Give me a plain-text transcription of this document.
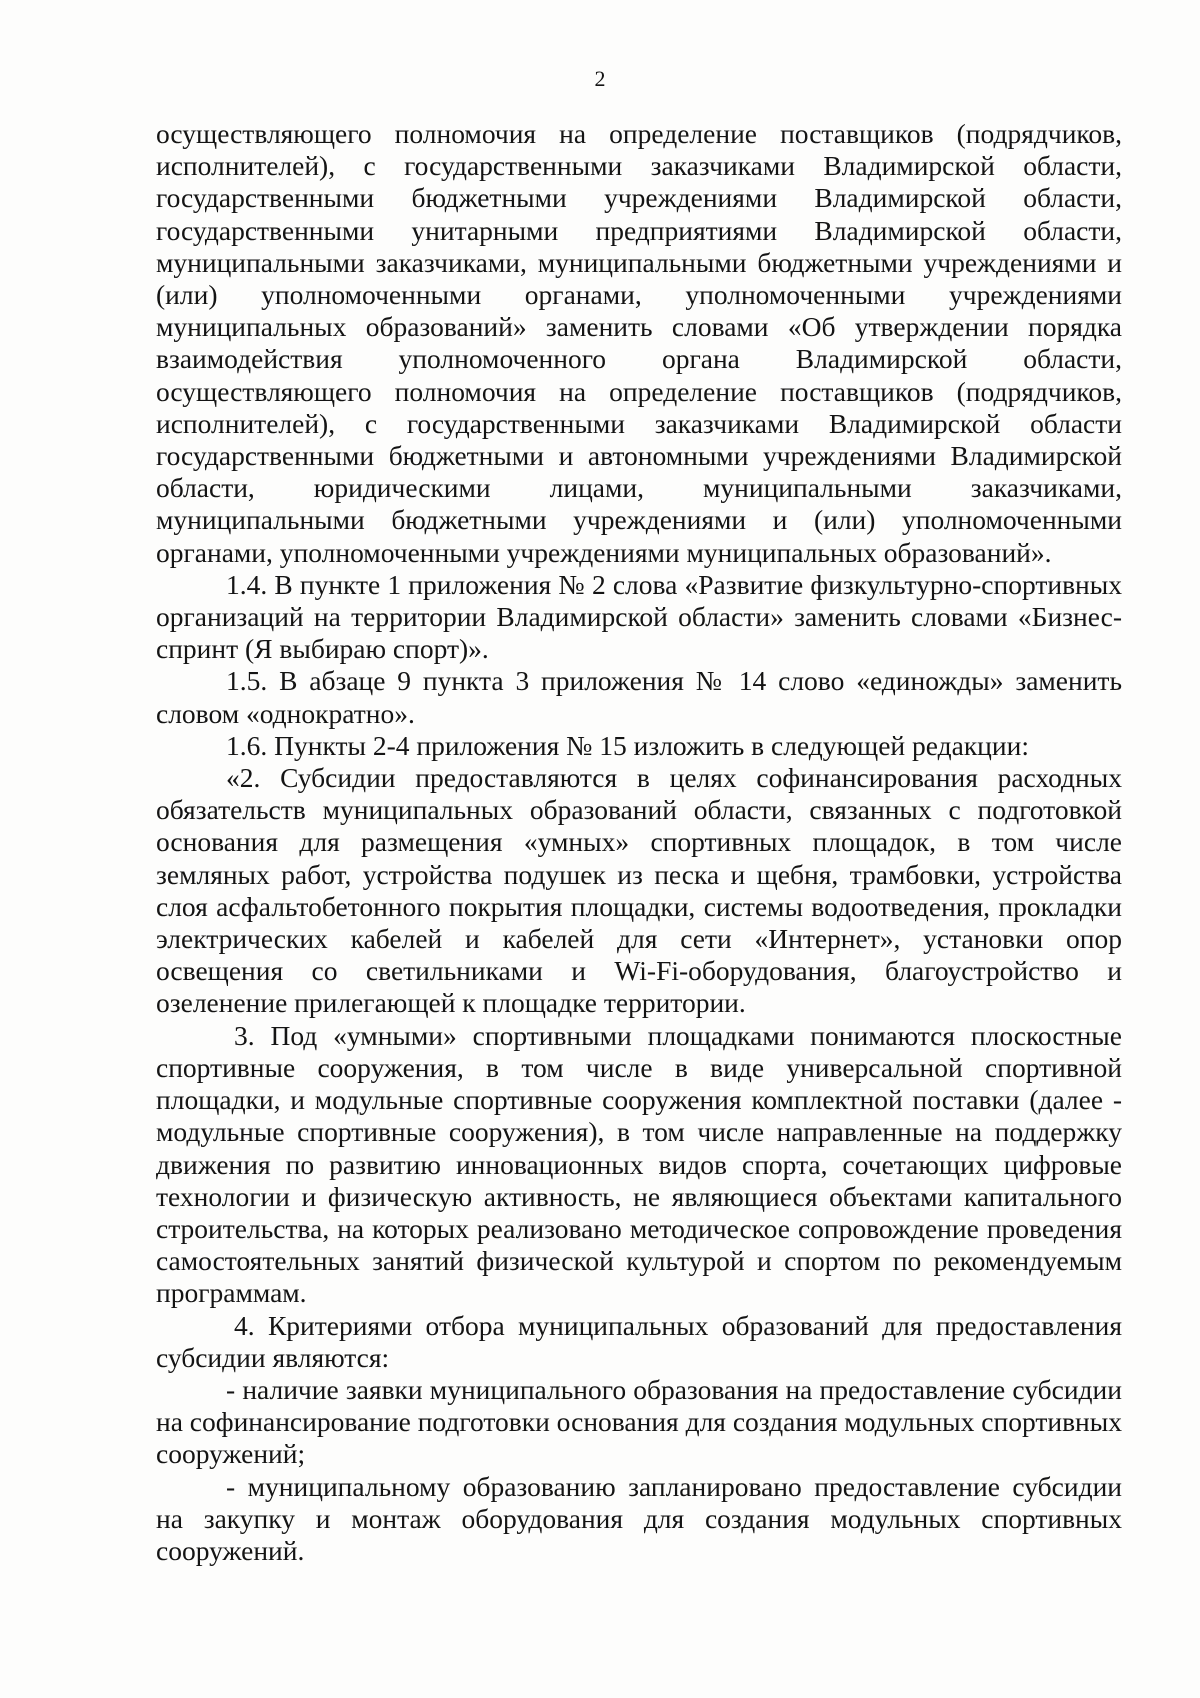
2

осуществляющего полномочия на определение поставщиков (подрядчиков, исполнителей), с государственными заказчиками Владимирской области, государственными бюджетными учреждениями Владимирской области, государственными унитарными предприятиями Владимирской области, муниципальными заказчиками, муниципальными бюджетными учреждениями и (или) уполномоченными органами, уполномоченными учреждениями муниципальных образований» заменить словами «Об утверждении порядка взаимодействия уполномоченного органа Владимирской области, осуществляющего полномочия на определение поставщиков (подрядчиков, исполнителей), с государственными заказчиками Владимирской области государственными бюджетными и автономными учреждениями Владимирской области, юридическими лицами, муниципальными заказчиками, муниципальными бюджетными учреждениями и (или) уполномоченными органами, уполномоченными учреждениями муниципальных образований».

1.4. В пункте 1 приложения № 2 слова «Развитие физкультурно-спортивных организаций на территории Владимирской области» заменить словами «Бизнес-спринт (Я выбираю спорт)».

1.5. В абзаце 9 пункта 3 приложения № 14 слово «единожды» заменить словом «однократно».

1.6. Пункты 2-4 приложения № 15 изложить в следующей редакции:

«2. Субсидии предоставляются в целях софинансирования расходных обязательств муниципальных образований области, связанных с подготовкой основания для размещения «умных» спортивных площадок, в том числе земляных работ, устройства подушек из песка и щебня, трамбовки, устройства слоя асфальтобетонного покрытия площадки, системы водоотведения, прокладки электрических кабелей и кабелей для сети «Интернет», установки опор освещения со светильниками и Wi-Fi-оборудования, благоустройство и озеленение прилегающей к площадке территории.

3. Под «умными» спортивными площадками понимаются плоскостные спортивные сооружения, в том числе в виде универсальной спортивной площадки, и модульные спортивные сооружения комплектной поставки (далее - модульные спортивные сооружения), в том числе направленные на поддержку движения по развитию инновационных видов спорта, сочетающих цифровые технологии и физическую активность, не являющиеся объектами капитального строительства, на которых реализовано методическое сопровождение проведения самостоятельных занятий физической культурой и спортом по рекомендуемым программам.

4. Критериями отбора муниципальных образований для предоставления субсидии являются:

- наличие заявки муниципального образования на предоставление субсидии на софинансирование подготовки основания для создания модульных спортивных сооружений;

- муниципальному образованию запланировано предоставление субсидии на закупку и монтаж оборудования для создания модульных спортивных сооружений.
